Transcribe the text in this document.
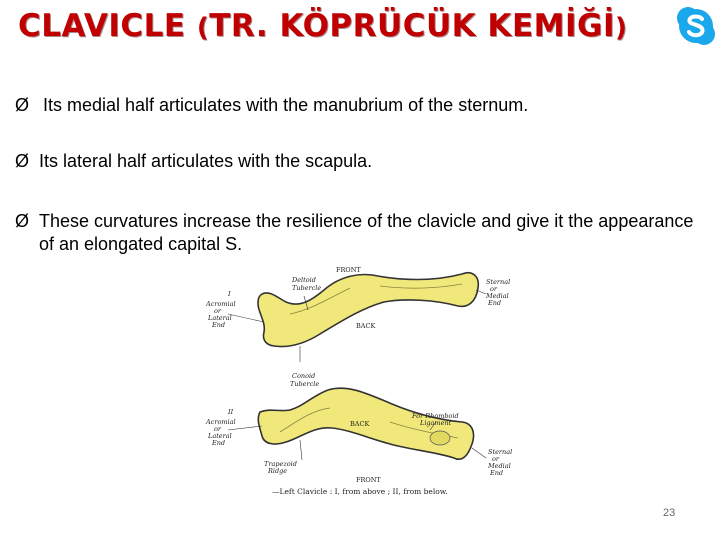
CLAVICLE (TR. KÖPRÜCÜK KEMİĞİ)
Ø Its medial half articulates with the manubrium of the sternum.
Ø Its lateral half articulates with the scapula.
Ø These curvatures increase the resilience of the clavicle and give it the appearance of an elongated capital S.
FRONT
Deltoid
Tubercle
I
Acromial
or
Lateral
End	BACK
Sternal
or
Medial
End
Conoid
Tubercle
II
Acromial
or
Lateral
End
BACK
For Rhomboid
Ligament
Trapezoid
Ridge
Sternal
or
Medial
End
FRONT
—Left Clavicle : I, from above ; II, from below.
23
